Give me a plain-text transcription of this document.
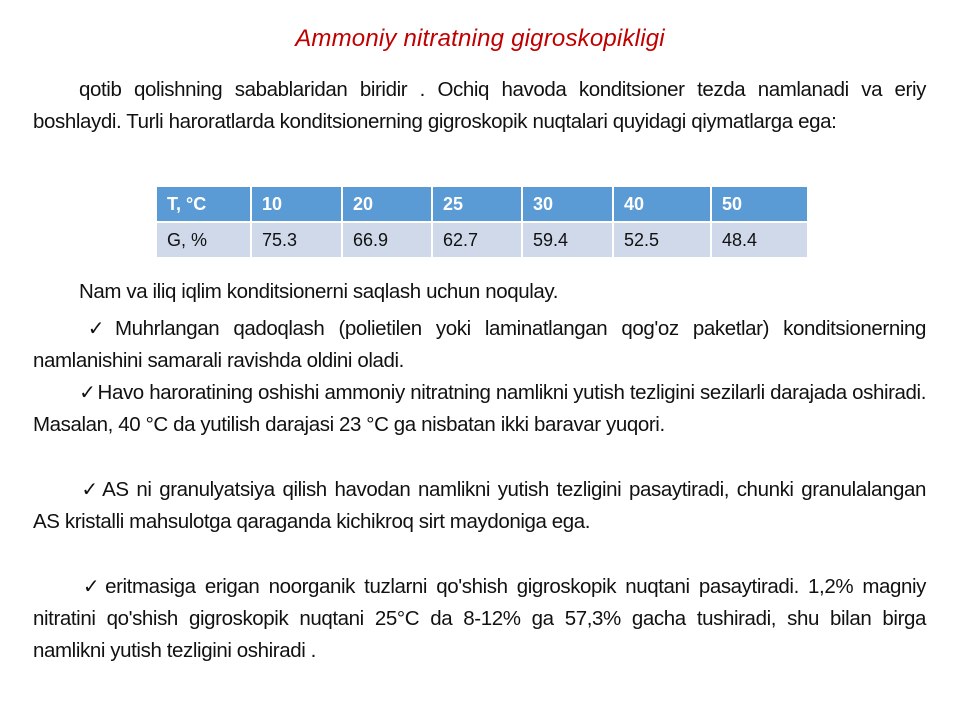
Ammoniy nitratning gigroskopikligi
qotib qolishning sabablaridan biridir . Ochiq havoda konditsioner tezda namlanadi va eriy boshlaydi. Turli haroratlarda konditsionerning gigroskopik nuqtalari quyidagi qiymatlarga ega:
T, °C	10	20	25	30	40	50
G, %	75.3	66.9	62.7	59.4	52.5	48.4
Nam va iliq iqlim konditsionerni saqlash uchun noqulay.
✓Muhrlangan qadoqlash (polietilen yoki laminatlangan qog'oz paketlar) konditsionerning namlanishini samarali ravishda oldini oladi.
✓Havo haroratining oshishi ammoniy nitratning namlikni yutish tezligini sezilarli darajada oshiradi. Masalan, 40 °C da yutilish darajasi 23 °C ga nisbatan ikki baravar yuqori.
✓AS ni granulyatsiya qilish havodan namlikni yutish tezligini pasaytiradi, chunki granulalangan AS kristalli mahsulotga qaraganda kichikroq sirt maydoniga ega.
✓eritmasiga erigan noorganik tuzlarni qo'shish gigroskopik nuqtani pasaytiradi. 1,2% magniy nitratini qo'shish gigroskopik nuqtani 25°C da 8-12% ga 57,3% gacha tushiradi, shu bilan birga namlikni yutish tezligini oshiradi .
